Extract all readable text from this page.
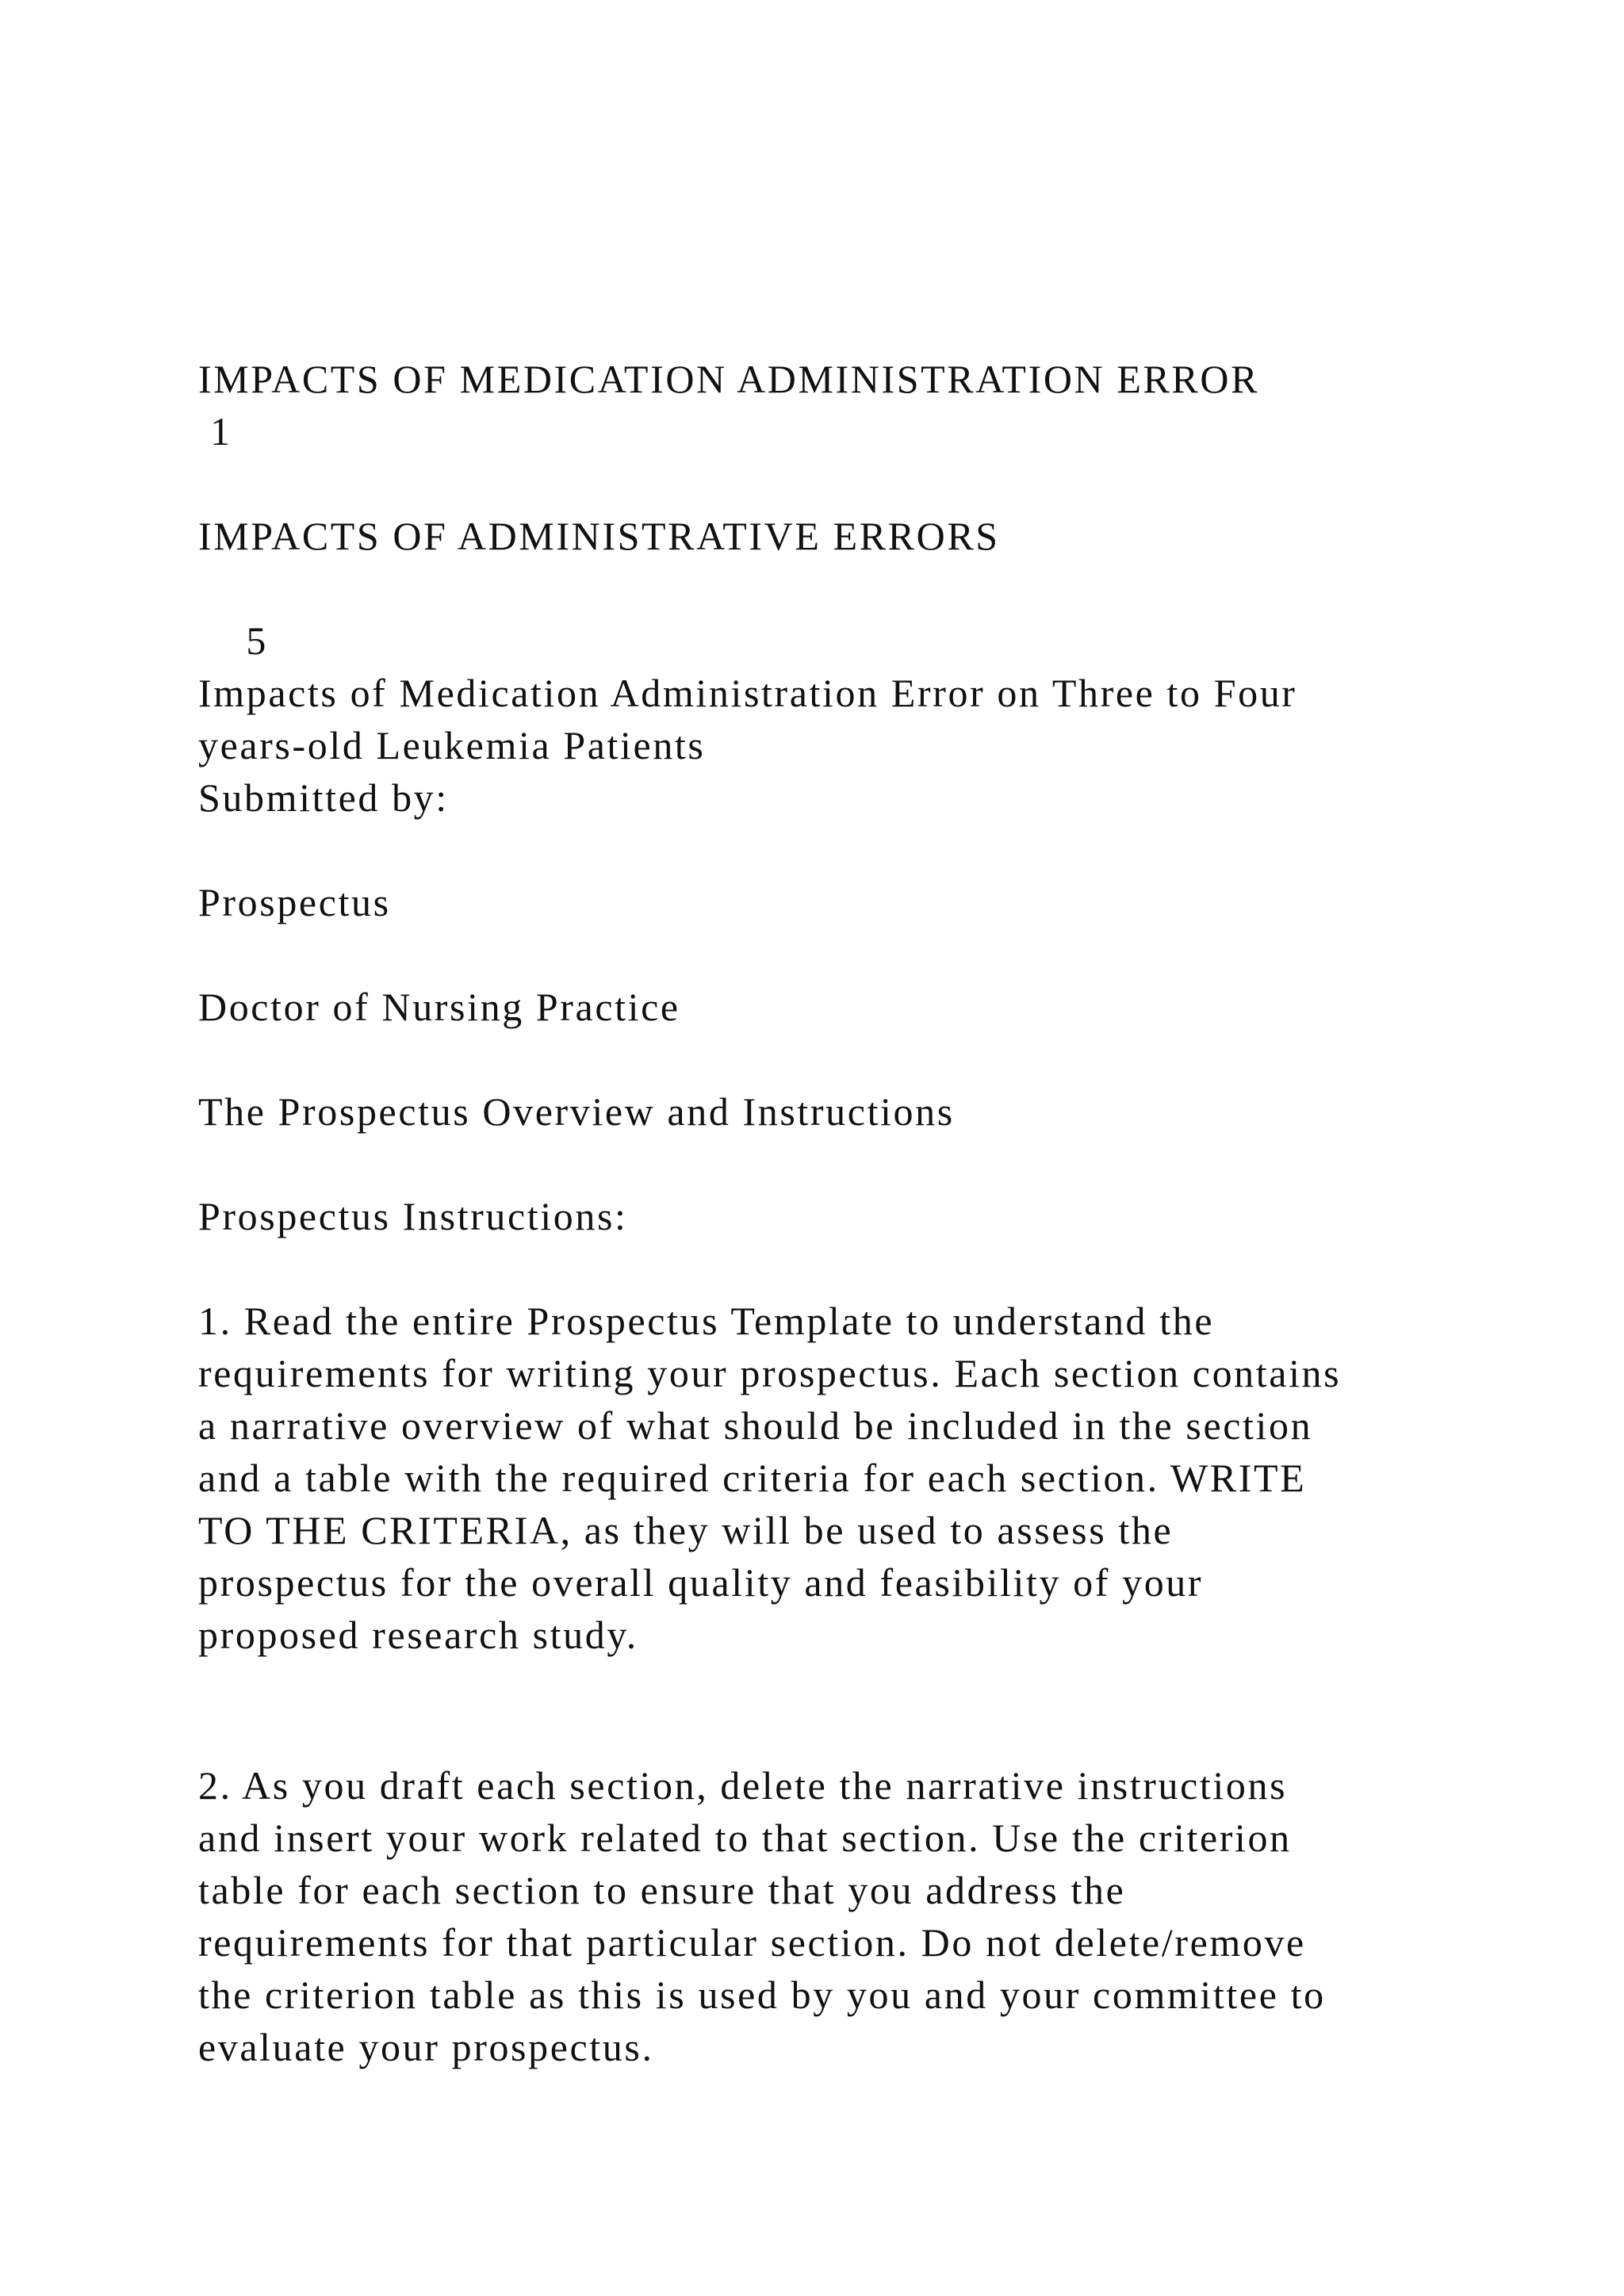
IMPACTS OF MEDICATION ADMINISTRATION ERROR
1
IMPACTS OF ADMINISTRATIVE ERRORS
5
Impacts of Medication Administration Error on Three to Four
years-old Leukemia Patients
Submitted by:
Prospectus
Doctor of Nursing Practice
The Prospectus Overview and Instructions
Prospectus Instructions:
1. Read the entire Prospectus Template to understand the
requirements for writing your prospectus. Each section contains
a narrative overview of what should be included in the section
and a table with the required criteria for each section. WRITE
TO THE CRITERIA, as they will be used to assess the
prospectus for the overall quality and feasibility of your
proposed research study.
2. As you draft each section, delete the narrative instructions
and insert your work related to that section. Use the criterion
table for each section to ensure that you address the
requirements for that particular section. Do not delete/remove
the criterion table as this is used by you and your committee to
evaluate your prospectus.
